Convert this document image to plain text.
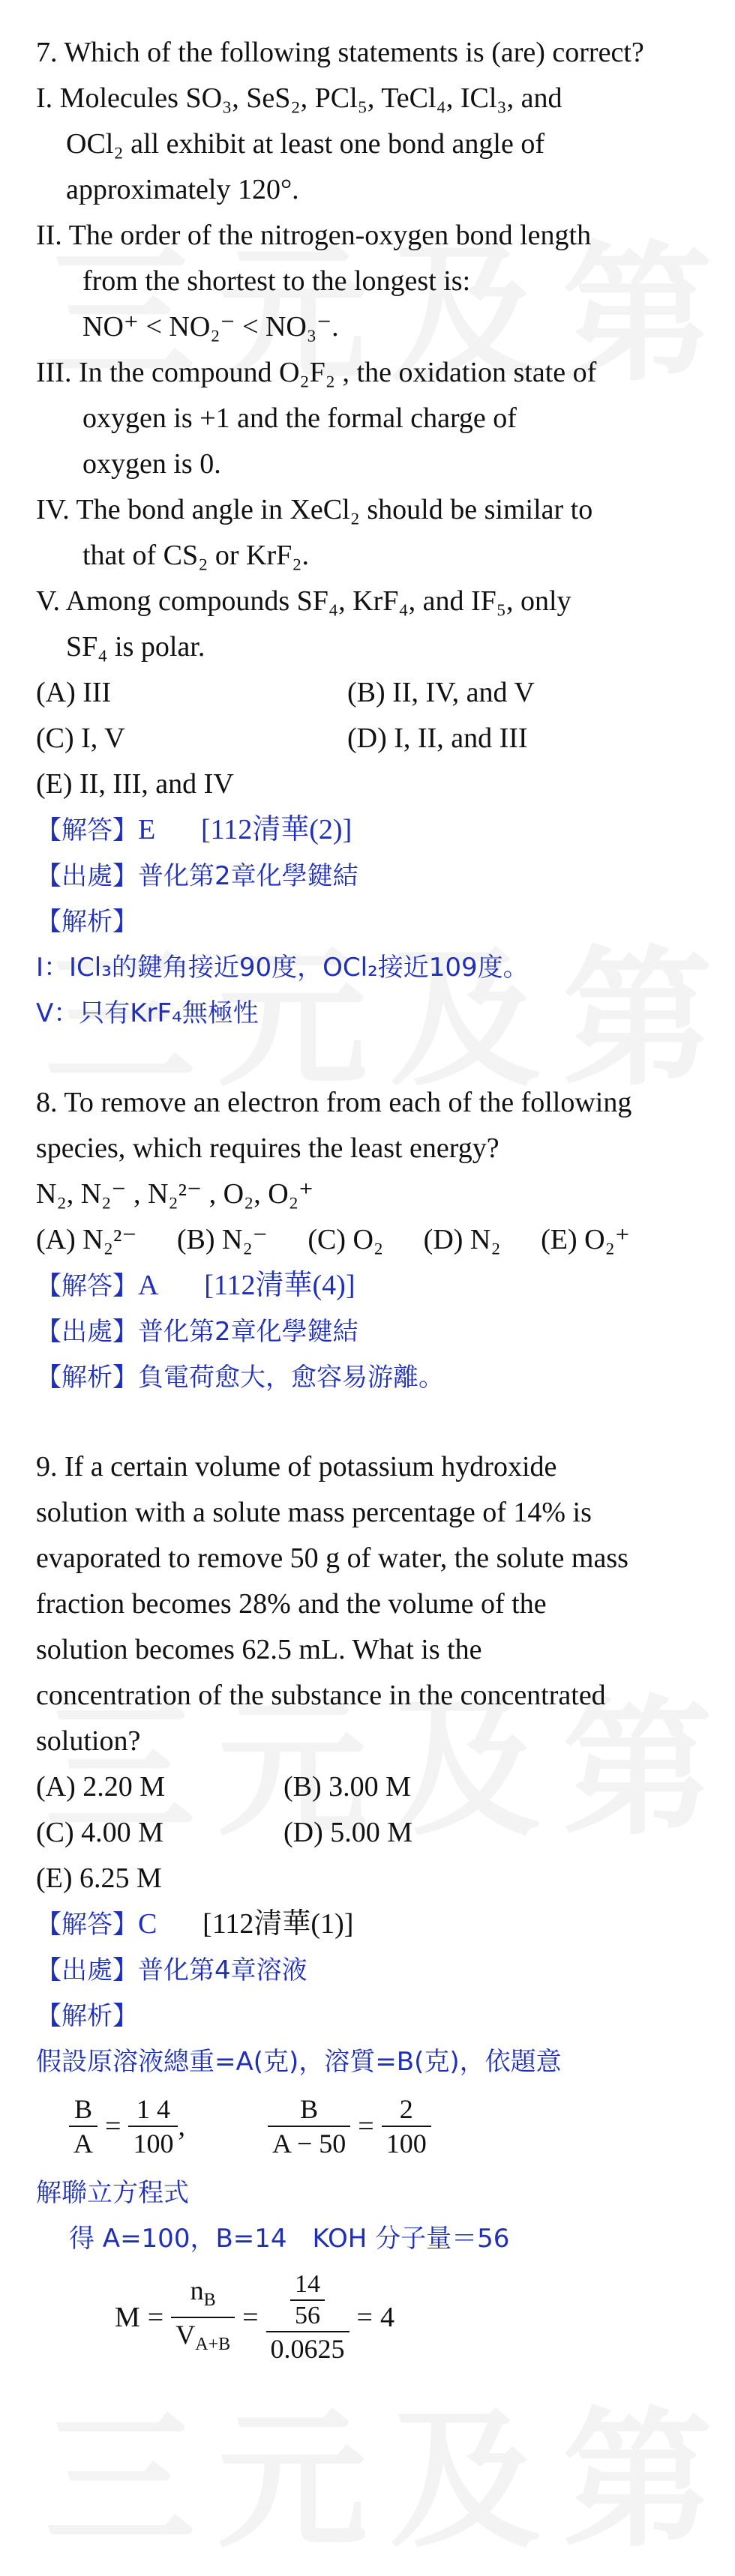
7. Which of the following statements is (are) correct?
I. Molecules SO₃, SeS₂, PCl₅, TeCl₄, ICl₃, and
OCl₂ all exhibit at least one bond angle of
approximately 120°.
II. The order of the nitrogen-oxygen bond length
from the shortest to the longest is:
NO⁺ < NO₂⁻ < NO₃⁻.
III. In the compound O₂F₂ , the oxidation state of
oxygen is +1 and the formal charge of
oxygen is 0.
IV. The bond angle in XeCl₂ should be similar to
that of CS₂ or KrF₂.
V. Among compounds SF₄, KrF₄, and IF₅, only
SF₄ is polar.
(A) III	(B) II, IV, and V
(C) I, V	(D) I, II, and III
(E) II, III, and IV
【解答】E [112清華(2)]
【出處】普化第2章化學鍵結
【解析】
I：ICl₃的鍵角接近90度，OCl₂接近109度。
V：只有KrF₄無極性
8. To remove an electron from each of the following
species, which requires the least energy?
N₂, N₂⁻ , N₂²⁻ , O₂, O₂⁺
(A) N₂²⁻ (B) N₂⁻ (C) O₂ (D) N₂ (E) O₂⁺
【解答】A [112清華(4)]
【出處】普化第2章化學鍵結
【解析】負電荷愈大，愈容易游離。
9. If a certain volume of potassium hydroxide
solution with a solute mass percentage of 14% is
evaporated to remove 50 g of water, the solute mass
fraction becomes 28% and the volume of the
solution becomes 62.5 mL. What is the
concentration of the substance in the concentrated
solution?
(A) 2.20 M	(B) 3.00 M
(C) 4.00 M	(D) 5.00 M
(E) 6.25 M
【解答】C [112清華(1)]
【出處】普化第4章溶液
【解析】
假設原溶液總重=A(克)，溶質=B(克)，依題意
$\frac{B}{A} = \frac{1 4}{100}$ ,	$\frac{B}{A - 50} = \frac{2}{100}$
解聯立方程式
得 A=100，B=14　KOH 分子量＝56
$M = \frac{n_B}{V_{A+B}} = \frac{\frac{14}{56}}{0.0625} = 4$
